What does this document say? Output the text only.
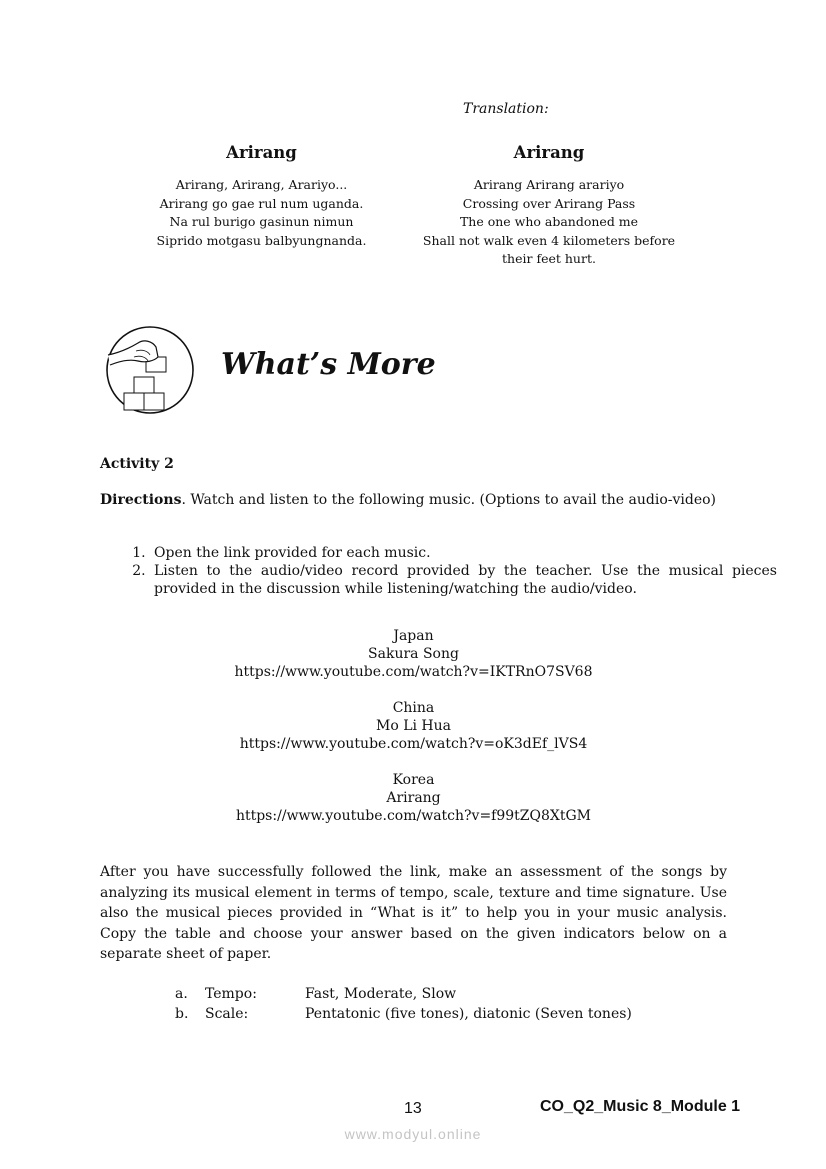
Translation:
Arirang
Arirang, Arirang, Arariyo...
Arirang go gae rul num uganda.
Na rul burigo gasinun nimun
Siprido motgasu balbyungnanda.
Arirang
Arirang Arirang arariyo
Crossing over Arirang Pass
The one who abandoned me
Shall not walk even 4 kilometers before
their feet hurt.
What’s More
Activity 2
Directions. Watch and listen to the following music. (Options to avail the audio-video)
1. Open the link provided for each music.
2. Listen to the audio/video record provided by the teacher. Use the musical pieces provided in the discussion while listening/watching the audio/video.
Japan
Sakura Song
https://www.youtube.com/watch?v=IKTRnO7SV68
China
Mo Li Hua
https://www.youtube.com/watch?v=oK3dEf_lVS4
Korea
Arirang
https://www.youtube.com/watch?v=f99tZQ8XtGM
After you have successfully followed the link, make an assessment of the songs by analyzing its musical element in terms of tempo, scale, texture and time signature. Use also the musical pieces provided in “What is it” to help you in your music analysis. Copy the table and choose your answer based on the given indicators below on a separate sheet of paper.
a.	Tempo:	Fast, Moderate, Slow
b.	Scale:	Pentatonic (five tones), diatonic (Seven tones)
13	CO_Q2_Music 8_Module 1
www.modyul.online
